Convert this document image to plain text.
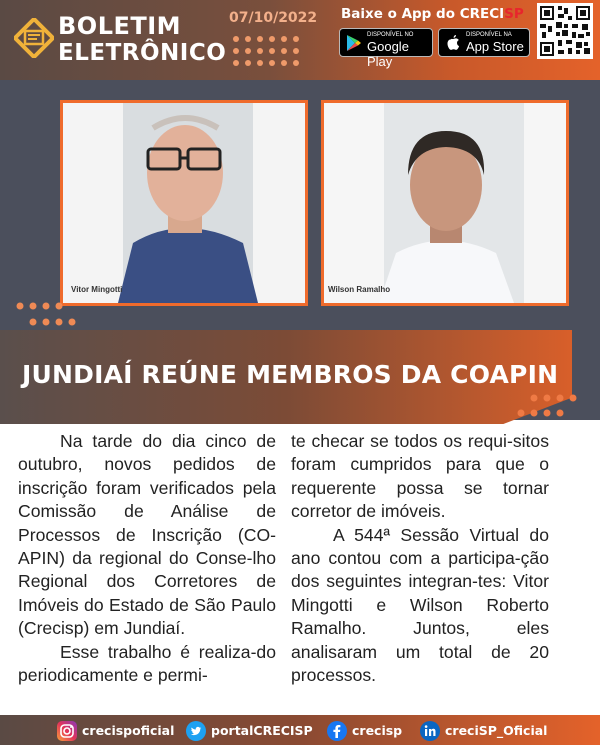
BOLETIM
ELETRÔNICO
07/10/2022 Baixe o App do CRECISP
DISPONÍVEL NO
Google Play
DISPONÍVEL NA
App Store
Vitor Mingotti	Wilson Ramalho
JUNDIAÍ REÚNE MEMBROS DA COAPIN

Na tarde do dia cinco de outubro, novos pedidos de inscrição foram verificados pela Comissão de Análise de Processos de Inscrição (CO-APIN) da regional do Conse-lho Regional dos Corretores de Imóveis do Estado de São Paulo (Crecisp) em Jundiaí.

Esse trabalho é realiza-do periodicamente e permi-

te checar se todos os requi-sitos foram cumpridos para que o requerente possa se tornar corretor de imóveis.

A 544ª Sessão Virtual do ano contou com a participa-ção dos seguintes integran-tes: Vitor Mingotti e Wilson Roberto Ramalho. Juntos, eles analisaram um total de 20 processos.

crecispoficial	portalCRECISP	crecisp	creciSP_Oficial
